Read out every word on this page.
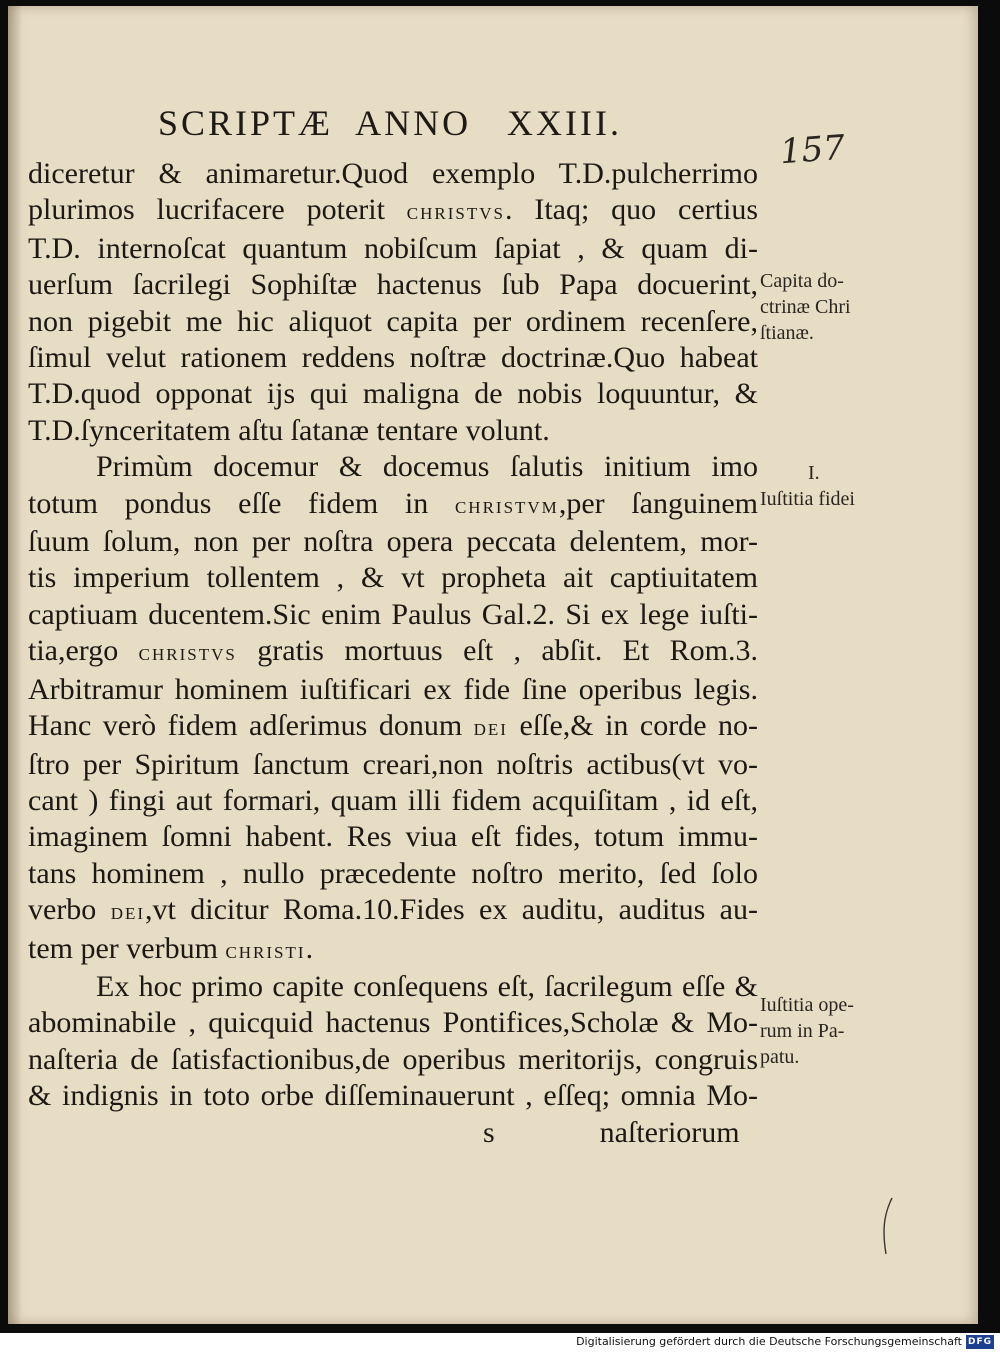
SCRIPTÆ  ANNO   XXIII.
157
diceretur & animaretur.Quod exemplo T.D.pulcherrimo
plurimos lucrifacere poterit christvs. Itaq; quo certius
T.D. internoſcat quantum nobiſcum ſapiat , & quam di-
uerſum ſacrilegi Sophiſtæ hactenus ſub Papa docuerint,
non pigebit me hic aliquot capita per ordinem recenſere,
ſimul velut rationem reddens noſtræ doctrinæ.Quo habeat
T.D.quod opponat ijs qui maligna de nobis loquuntur, &
T.D.ſynceritatem aſtu ſatanæ tentare volunt.
Primùm docemur & docemus ſalutis initium imo
totum pondus eſſe fidem in christvm,per ſanguinem
ſuum ſolum, non per noſtra opera peccata delentem, mor-
tis imperium tollentem , & vt propheta ait captiuitatem
captiuam ducentem.Sic enim Paulus Gal.2. Si ex lege iuſti-
tia,ergo christvs gratis mortuus eſt , abſit. Et Rom.3.
Arbitramur hominem iuſtificari ex fide ſine operibus legis.
Hanc verò fidem adſerimus donum dei eſſe,& in corde no-
ſtro per Spiritum ſanctum creari,non noſtris actibus(vt vo-
cant ) fingi aut formari, quam illi fidem acquiſitam , id eſt,
imaginem ſomni habent. Res viua eſt fides, totum immu-
tans hominem , nullo præcedente noſtro merito, ſed ſolo
verbo dei,vt dicitur Roma.10.Fides ex auditu, auditus au-
tem per verbum christi.
Ex hoc primo capite conſequens eſt, ſacrilegum eſſe &
abominabile , quicquid hactenus Pontifices,Scholæ & Mo-
naſteria de ſatisfactionibus,de operibus meritorijs, congruis
& indignis in toto orbe diſſeminauerunt , eſſeq; omnia Mo-
s              naſteriorum
Capita do-
ctrinæ Chri
ſtianæ.
I.
Iuſtitia fidei
Iuſtitia ope-
rum in Pa-
patu.
Digitalisierung gefördert durch die Deutsche Forschungsgemeinschaft DFG
